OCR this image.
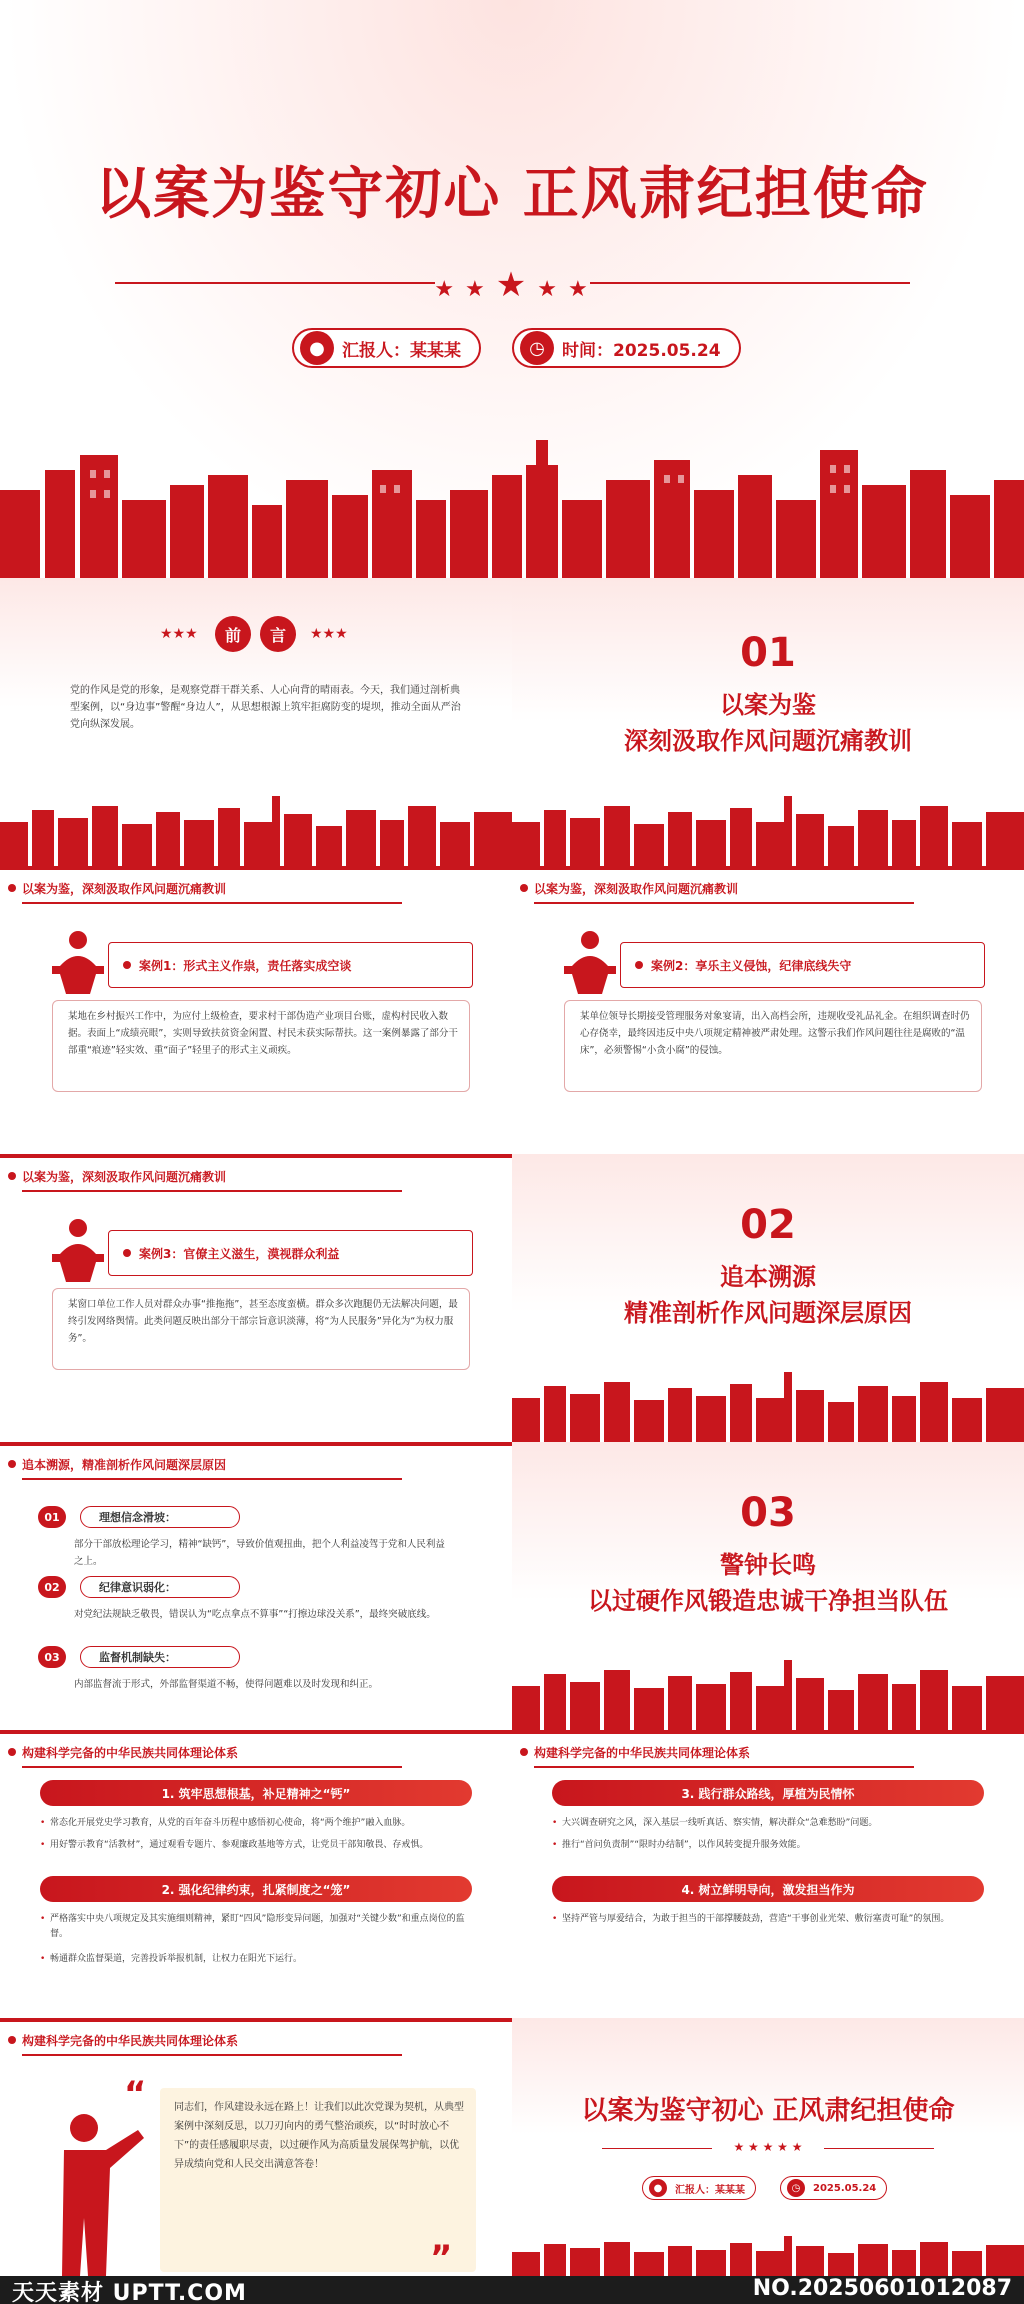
以案为鉴守初心 正风肃纪担使命
★ ★ ★ ★ ★
●	汇报人：某某某	◷	时间：2025.05.24
★★★	前	言	★★★
党的作风是党的形象，是观察党群干群关系、人心向背的晴雨表。今天，我们通过剖析典型案例，以“身边事”警醒“身边人”，从思想根源上筑牢拒腐防变的堤坝，推动全面从严治党向纵深发展。
01
以案为鉴
深刻汲取作风问题沉痛教训
以案为鉴，深刻汲取作风问题沉痛教训
案例1：形式主义作祟，责任落实成空谈
某地在乡村振兴工作中，为应付上级检查，要求村干部伪造产业项目台账，虚构村民收入数据。表面上“成绩亮眼”，实则导致扶贫资金闲置、村民未获实际帮扶。这一案例暴露了部分干部重“痕迹”轻实效、重“面子”轻里子的形式主义顽疾。
以案为鉴，深刻汲取作风问题沉痛教训
案例2：享乐主义侵蚀，纪律底线失守
某单位领导长期接受管理服务对象宴请，出入高档会所，违规收受礼品礼金。在组织调查时仍心存侥幸，最终因违反中央八项规定精神被严肃处理。这警示我们作风问题往往是腐败的“温床”，必须警惕“小贪小腐”的侵蚀。
以案为鉴，深刻汲取作风问题沉痛教训
案例3：官僚主义滋生，漠视群众利益
某窗口单位工作人员对群众办事“推拖拖”，甚至态度蛮横。群众多次跑腿仍无法解决问题，最终引发网络舆情。此类问题反映出部分干部宗旨意识淡薄，将“为人民服务”异化为“为权力服务”。
02
追本溯源
精准剖析作风问题深层原因
追本溯源，精准剖析作风问题深层原因
01	理想信念滑坡：
部分干部放松理论学习，精神“缺钙”，导致价值观扭曲，把个人利益凌驾于党和人民利益之上。
02	纪律意识弱化：
对党纪法规缺乏敬畏，错误认为“吃点拿点不算事”“打擦边球没关系”，最终突破底线。
03	监督机制缺失：
内部监督流于形式，外部监督渠道不畅，使得问题难以及时发现和纠正。
03
警钟长鸣
以过硬作风锻造忠诚干净担当队伍
构建科学完备的中华民族共同体理论体系
1. 筑牢思想根基，补足精神之“钙”
• 常态化开展党史学习教育，从党的百年奋斗历程中感悟初心使命，将“两个维护”融入血脉。
• 用好警示教育“活教材”，通过观看专题片、参观廉政基地等方式，让党员干部知敬畏、存戒惧。
2. 强化纪律约束，扎紧制度之“笼”
• 严格落实中央八项规定及其实施细则精神，紧盯“四风”隐形变异问题，加强对“关键少数”和重点岗位的监督。
• 畅通群众监督渠道，完善投诉举报机制，让权力在阳光下运行。
构建科学完备的中华民族共同体理论体系
3. 践行群众路线，厚植为民情怀
• 大兴调查研究之风，深入基层一线听真话、察实情，解决群众“急难愁盼”问题。
• 推行“首问负责制”“限时办结制”，以作风转变提升服务效能。
4. 树立鲜明导向，激发担当作为
• 坚持严管与厚爱结合，为敢于担当的干部撑腰鼓劲，营造“干事创业光荣、敷衍塞责可耻”的氛围。
构建科学完备的中华民族共同体理论体系
“	同志们，作风建设永远在路上！让我们以此次党课为契机，从典型案例中深刻反思，以刀刃向内的勇气整治顽疾，以“时时放心不下”的责任感履职尽责，以过硬作风为高质量发展保驾护航，以优异成绩向党和人民交出满意答卷！
”
以案为鉴守初心 正风肃纪担使命
★ ★ ★ ★ ★
●	汇报人：某某某	◷	2025.05.24
天天素材 UPTT.COM	NO.20250601012087
